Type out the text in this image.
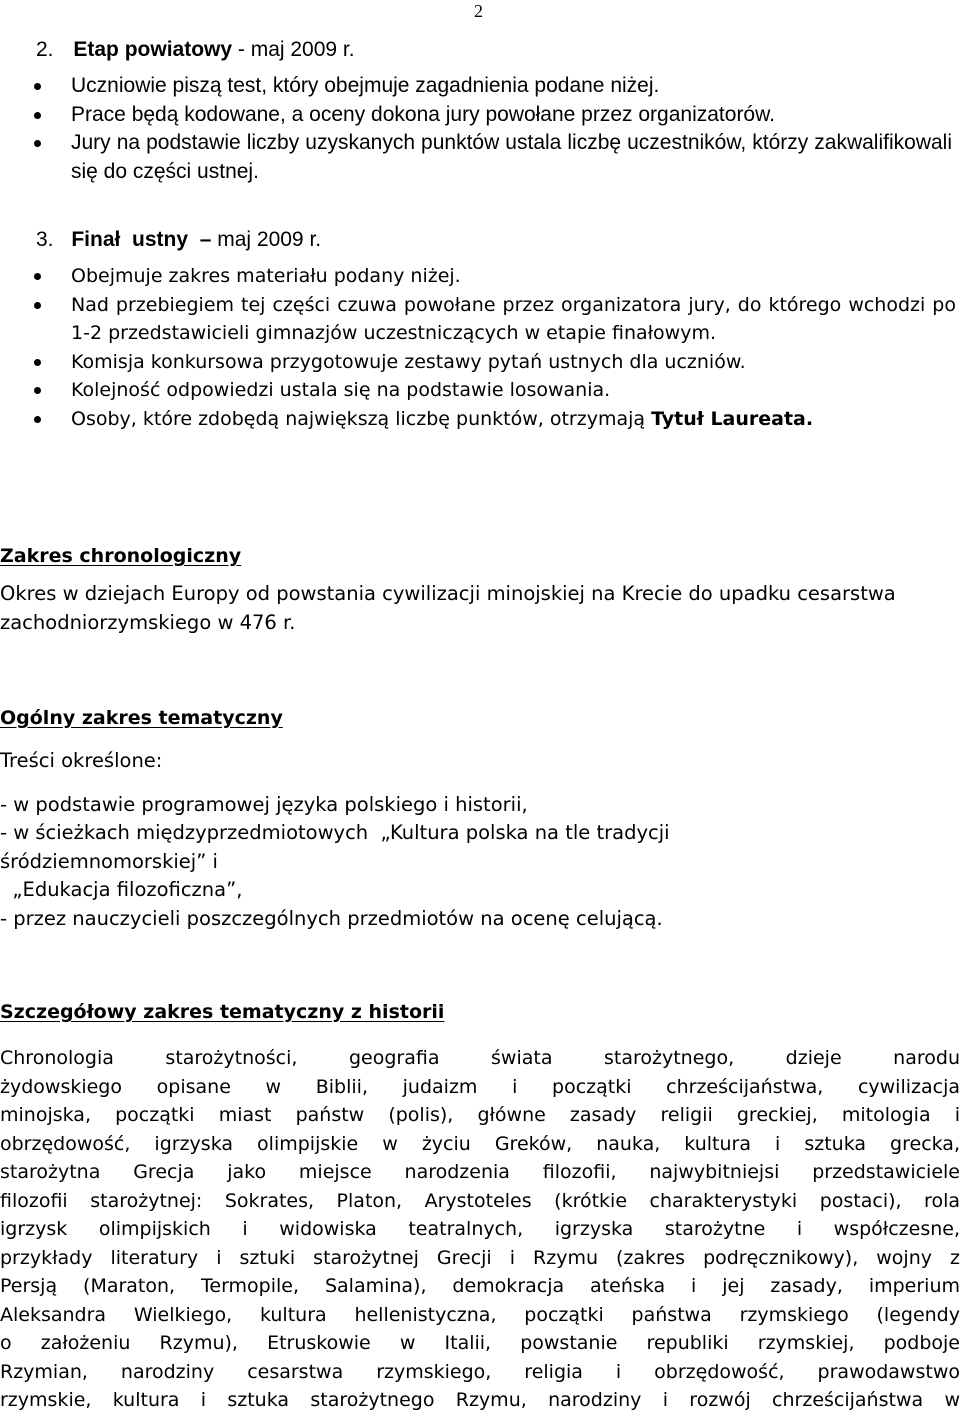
2
2. Etap powiatowy - maj 2009 r.
Uczniowie piszą test, który obejmuje zagadnienia podane niżej.
Prace będą kodowane, a oceny dokona jury powołane przez organizatorów.
Jury na podstawie liczby uzyskanych punktów ustala liczbę uczestników, którzy zakwalifikowali się do części ustnej.
3. Finał  ustny  – maj 2009 r.
Obejmuje zakres materiału podany niżej.
Nad przebiegiem tej części czuwa powołane przez organizatora jury, do którego wchodzi po 1-2 przedstawicieli gimnazjów uczestniczących w etapie finałowym.
Komisja konkursowa przygotowuje zestawy pytań ustnych dla uczniów.
Kolejność odpowiedzi ustala się na podstawie losowania.
Osoby, które zdobędą największą liczbę punktów, otrzymają Tytuł Laureata.
Zakres chronologiczny

Okres w dziejach Europy od powstania cywilizacji minojskiej na Krecie do upadku cesarstwa zachodniorzymskiego w 476 r.

Ogólny zakres tematyczny
Treści określone:
- w podstawie programowej języka polskiego i historii,
- w ścieżkach międzyprzedmiotowych  „Kultura polska na tle tradycji
śródziemnomorskiej” i
„Edukacja filozoficzna”,
- przez nauczycieli poszczególnych przedmiotów na ocenę celującą.
Szczegółowy zakres tematyczny z historii
Chronologia starożytności, geografia świata starożytnego, dzieje narodu
żydowskiego opisane w Biblii, judaizm i początki chrześcijaństwa, cywilizacja
minojska, początki miast państw (polis), główne zasady religii greckiej, mitologia i
obrzędowość, igrzyska olimpijskie w życiu Greków, nauka, kultura i sztuka grecka,
starożytna Grecja jako miejsce narodzenia filozofii, najwybitniejsi przedstawiciele
filozofii starożytnej: Sokrates, Platon, Arystoteles (krótkie charakterystyki postaci), rola
igrzysk olimpijskich i widowiska teatralnych, igrzyska starożytne i współczesne,
przykłady literatury i sztuki starożytnej Grecji i Rzymu (zakres podręcznikowy), wojny z
Persją (Maraton, Termopile, Salamina), demokracja ateńska i jej zasady, imperium
Aleksandra Wielkiego, kultura hellenistyczna, początki państwa rzymskiego (legendy
o założeniu Rzymu), Etruskowie w Italii, powstanie republiki rzymskiej, podboje
Rzymian, narodziny cesarstwa rzymskiego, religia i obrzędowość, prawodawstwo
rzymskie, kultura i sztuka starożytnego Rzymu, narodziny i rozwój chrześcijaństwa w
